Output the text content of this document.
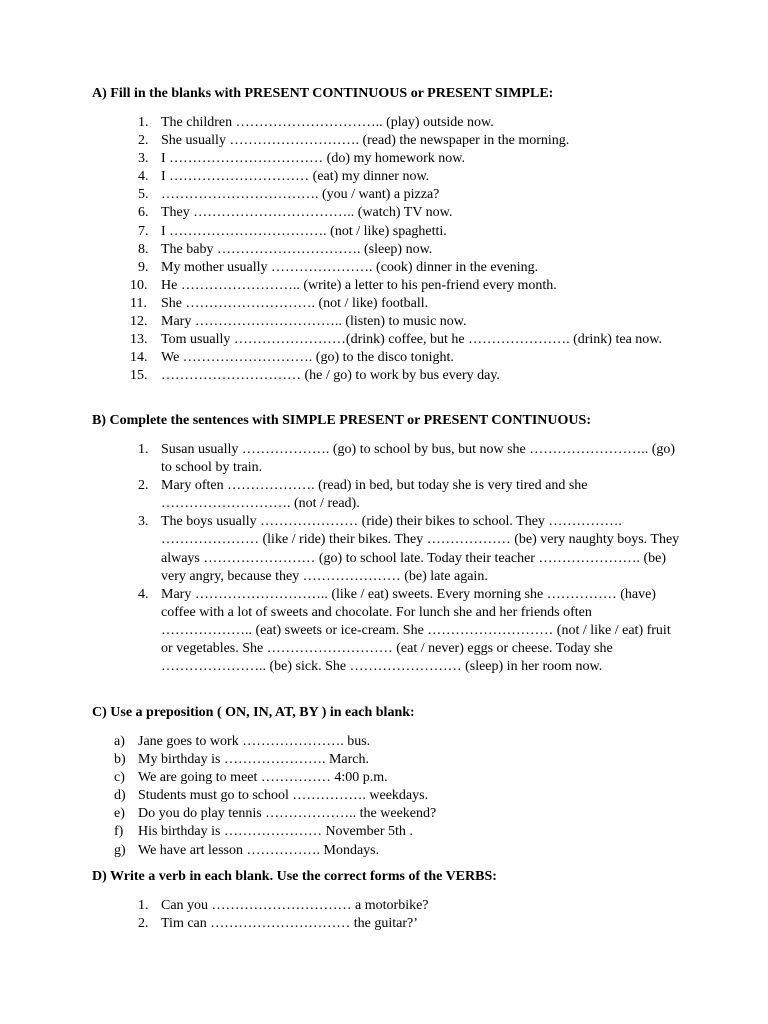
A) Fill in the blanks with PRESENT CONTINUOUS or PRESENT SIMPLE:
1. The children ………………………….. (play) outside now.
2. She usually ………………………. (read) the newspaper in the morning.
3. I …………………………… (do) my homework now.
4. I ………………………… (eat) my dinner now.
5. ……………………………. (you / want) a pizza?
6. They …………………………….. (watch) TV now.
7. I ……………………………. (not / like) spaghetti.
8. The baby …………………………. (sleep) now.
9. My mother usually …………………. (cook) dinner in the evening.
10. He …………………….. (write) a letter to his pen-friend every month.
11. She ………………………. (not / like) football.
12. Mary ………………………….. (listen) to music now.
13. Tom usually ……………………(drink) coffee, but he …………………. (drink) tea now.
14. We ………………………. (go) to the disco tonight.
15. ………………………… (he / go) to work by bus every day.
B) Complete the sentences with SIMPLE PRESENT or PRESENT CONTINUOUS:
1. Susan usually ………………. (go) to school by bus, but now she …………………….. (go) to school by train.
2. Mary often ………………. (read) in bed, but today she is very tired and she ………………………. (not / read).
3. The boys usually ………………… (ride) their bikes to school. They ……………. ………………… (like / ride) their bikes. They ……………… (be) very naughty boys. They always …………………… (go) to school late. Today their teacher …………………. (be) very angry, because they ………………… (be) late again.
4. Mary ……………………….. (like / eat) sweets. Every morning she …………… (have) coffee with a lot of sweets and chocolate. For lunch she and her friends often ……………….. (eat) sweets or ice-cream. She ……………………… (not / like / eat) fruit or vegetables. She ……………………… (eat / never) eggs or cheese. Today she ………………….. (be) sick. She …………………… (sleep) in her room now.
C) Use a preposition ( ON, IN, AT, BY ) in each blank:
a) Jane goes to work …………………. bus.
b) My birthday is …………………. March.
c) We are going to meet …………… 4:00 p.m.
d) Students must go to school ……………. weekdays.
e) Do you do play tennis ……………….. the weekend?
f) His birthday is ………………… November 5th .
g) We have art lesson ……………. Mondays.
D) Write a verb in each blank. Use the correct forms of the VERBS:
1. Can you ………………………… a motorbike?
2. Tim can ………………………… the guitar?’
